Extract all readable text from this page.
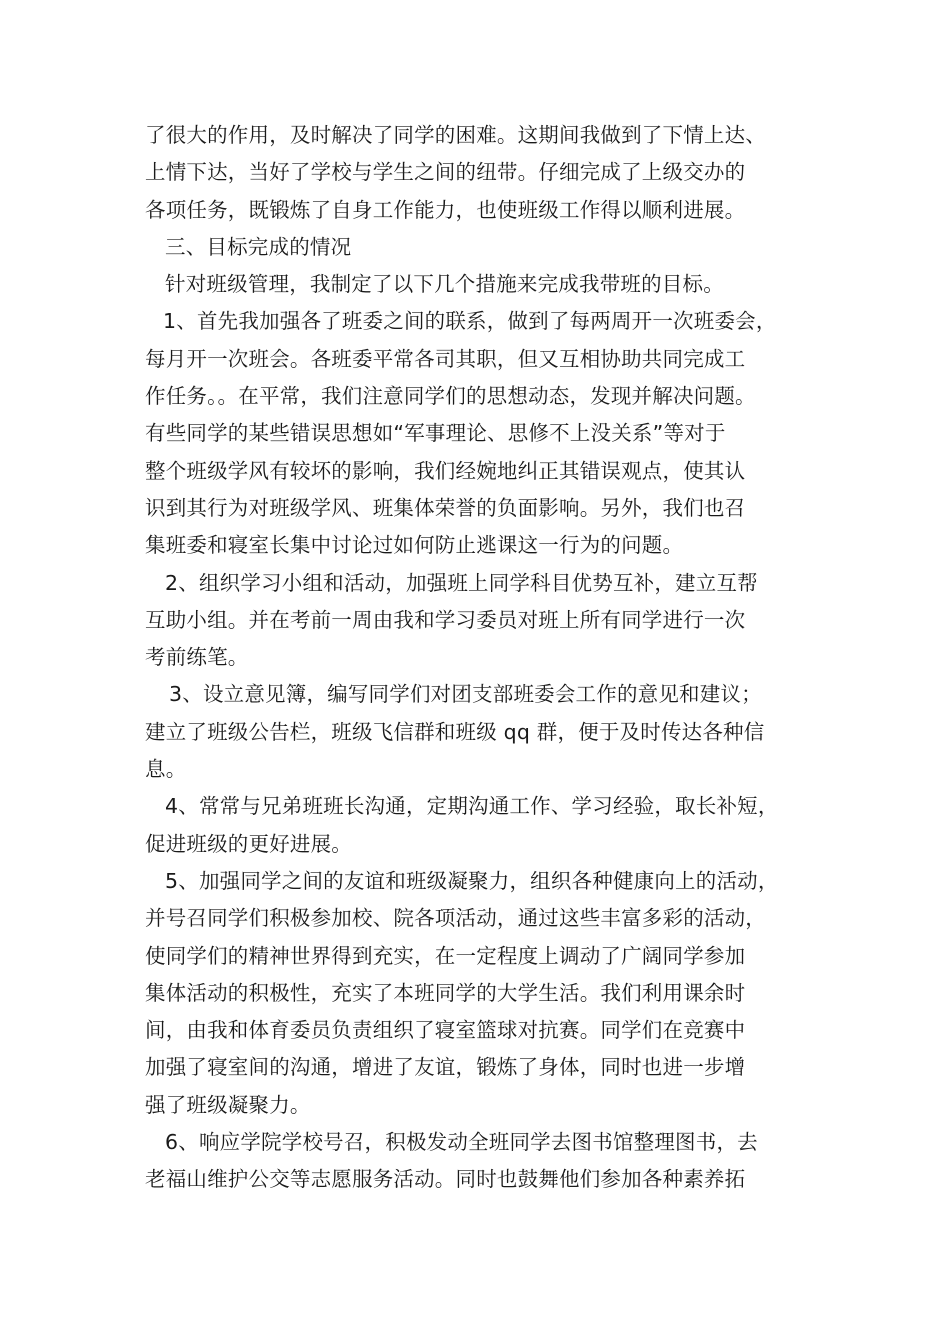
了很大的作用，及时解决了同学的困难。这期间我做到了下情上达、
上情下达，当好了学校与学生之间的纽带。仔细完成了上级交办的
各项任务，既锻炼了自身工作能力，也使班级工作得以顺利进展。
三、目标完成的情况
针对班级管理，我制定了以下几个措施来完成我带班的目标。
1、首先我加强各了班委之间的联系，做到了每两周开一次班委会，
每月开一次班会。各班委平常各司其职，但又互相协助共同完成工
作任务。。在平常，我们注意同学们的思想动态，发现并解决问题。
有些同学的某些错误思想如“军事理论、思修不上没关系”等对于
整个班级学风有较坏的影响，我们经婉地纠正其错误观点，使其认
识到其行为对班级学风、班集体荣誉的负面影响。另外，我们也召
集班委和寝室长集中讨论过如何防止逃课这一行为的问题。
2、组织学习小组和活动，加强班上同学科目优势互补，建立互帮
互助小组。并在考前一周由我和学习委员对班上所有同学进行一次
考前练笔。
3、设立意见簿，编写同学们对团支部班委会工作的意见和建议；
建立了班级公告栏，班级飞信群和班级 qq 群，便于及时传达各种信
息。
4、常常与兄弟班班长沟通，定期沟通工作、学习经验，取长补短，
促进班级的更好进展。
5、加强同学之间的友谊和班级凝聚力，组织各种健康向上的活动，
并号召同学们积极参加校、院各项活动，通过这些丰富多彩的活动，
使同学们的精神世界得到充实，在一定程度上调动了广阔同学参加
集体活动的积极性，充实了本班同学的大学生活。我们利用课余时
间，由我和体育委员负责组织了寝室篮球对抗赛。同学们在竞赛中
加强了寝室间的沟通，增进了友谊，锻炼了身体，同时也进一步增
强了班级凝聚力。
6、响应学院学校号召，积极发动全班同学去图书馆整理图书，去
老福山维护公交等志愿服务活动。同时也鼓舞他们参加各种素养拓
